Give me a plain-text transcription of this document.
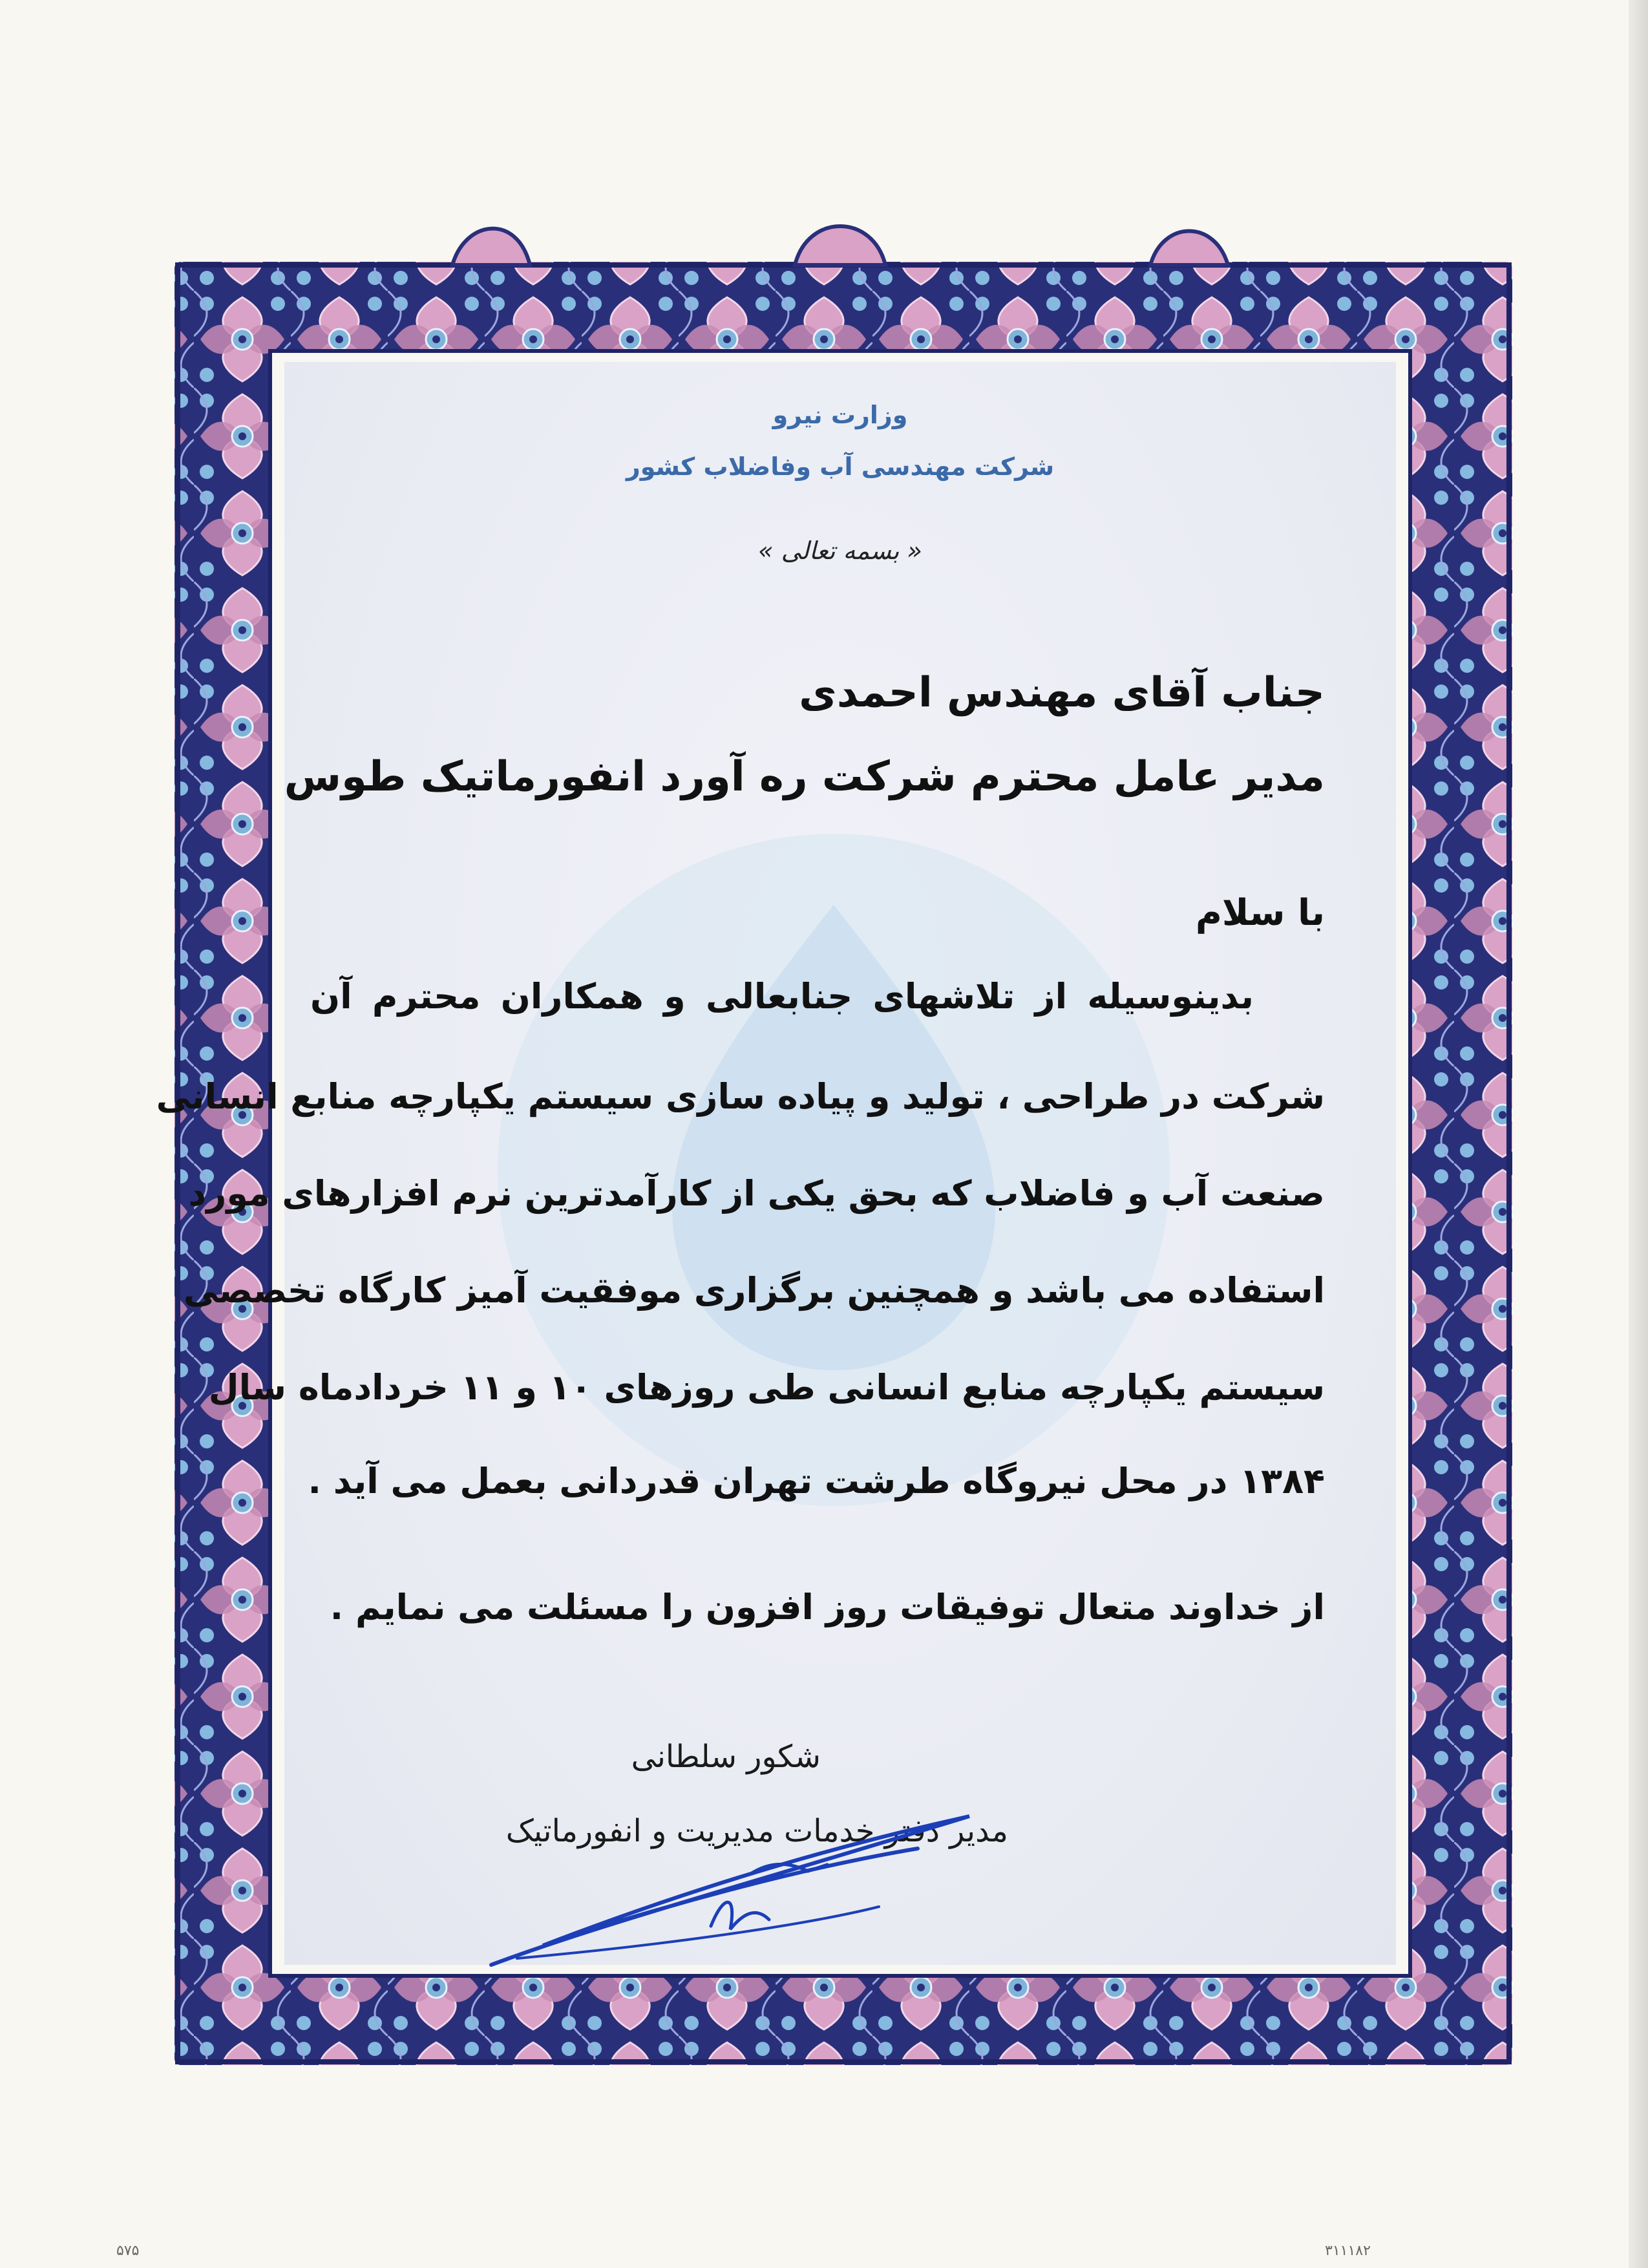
وزارت نیرو
شرکت مهندسی آب وفاضلاب کشور
« بسمه تعالی »
جناب آقای مهندس احمدی
مدیر عامل محترم شرکت ره آورد انفورماتیک طوس
با سلام
بدینوسیله از تلاشهای جنابعالی و همکاران محترم آن
شرکت در طراحی ، تولید و پیاده سازی سیستم یکپارچه منابع انسانی
صنعت آب و فاضلاب که بحق یکی از کارآمدترین نرم افزارهای مورد
استفاده می باشد و همچنین برگزاری موفقیت آمیز کارگاه تخصصی
سیستم یکپارچه منابع انسانی طی روزهای ۱۰ و ۱۱ خردادماه سال
۱۳۸۴ در محل نیروگاه طرشت تهران قدردانی بعمل می آید .
از خداوند متعال توفیقات روز افزون را مسئلت می نمایم .
شکور سلطانی
مدیر دفتر خدمات مدیریت و انفورماتیک
۵۷۵	۳۱۱۱۸۲
